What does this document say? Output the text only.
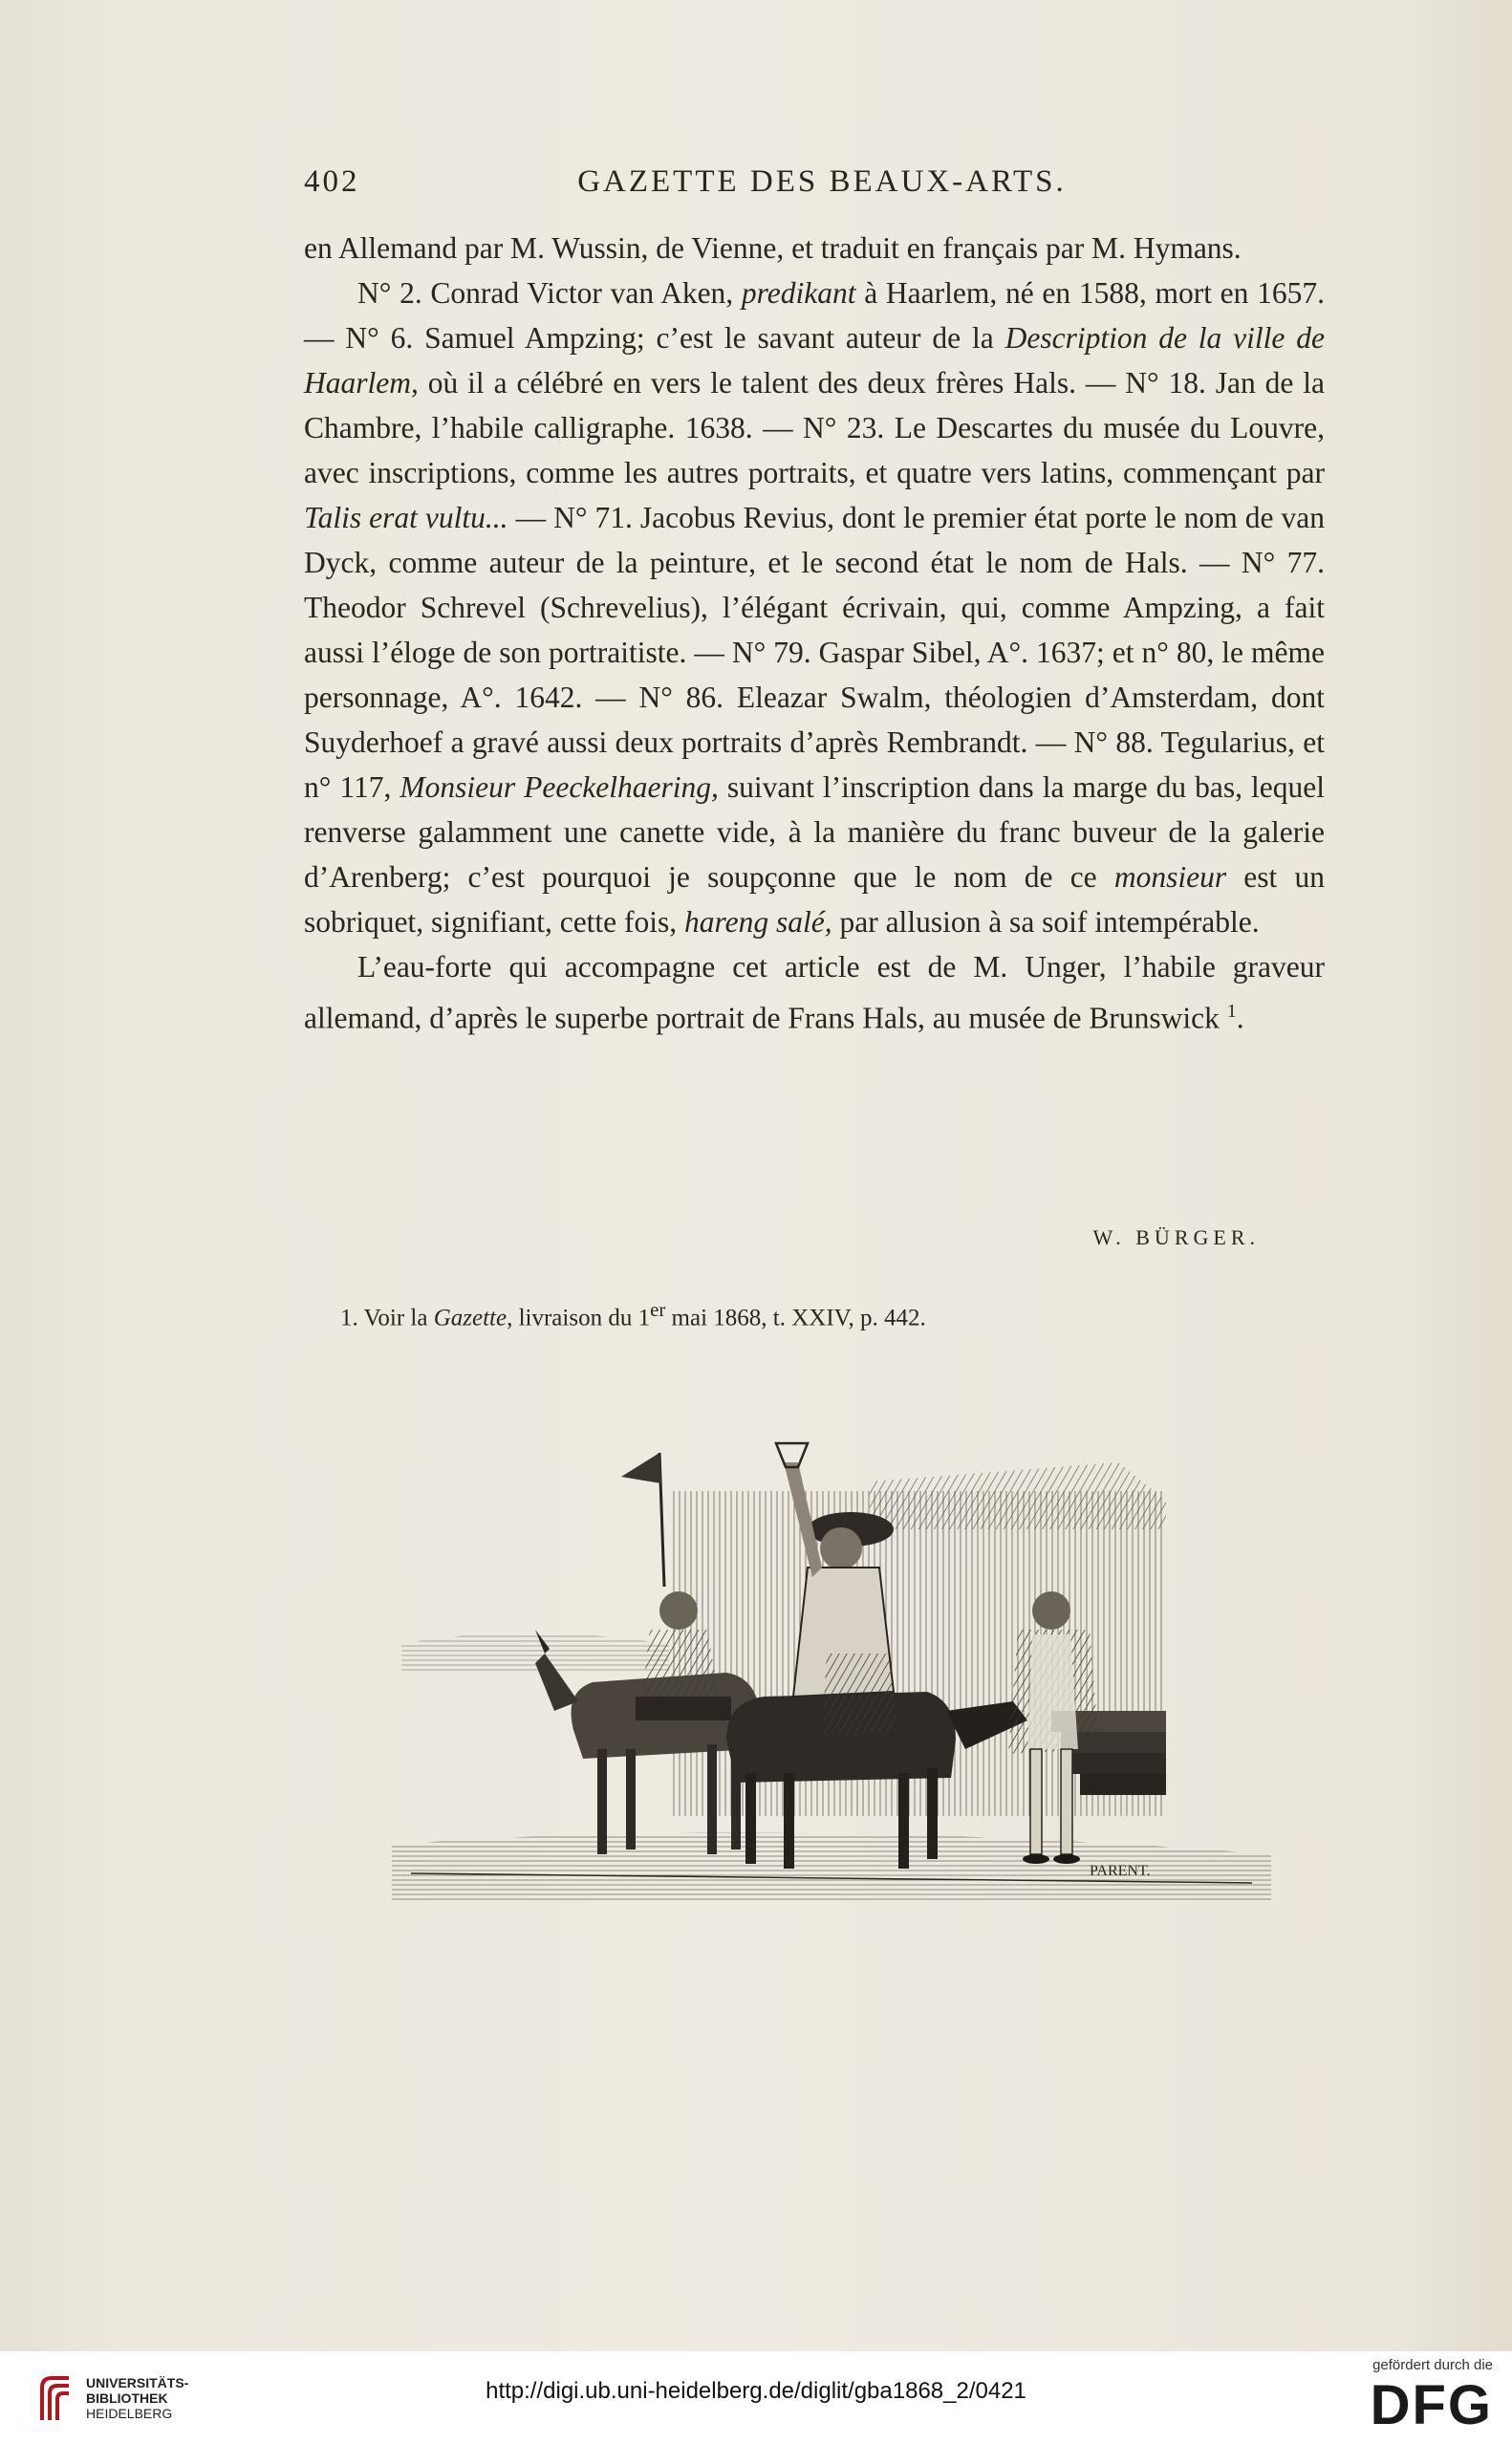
402	GAZETTE DES BEAUX-ARTS.

en Allemand par M. Wussin, de Vienne, et traduit en français par M. Hymans.

N° 2. Conrad Victor van Aken, predikant à Haarlem, né en 1588, mort en 1657. — N° 6. Samuel Ampzing; c’est le savant auteur de la Description de la ville de Haarlem, où il a célébré en vers le talent des deux frères Hals. — N° 18. Jan de la Chambre, l’habile calligraphe. 1638. — N° 23. Le Descartes du musée du Louvre, avec inscriptions, comme les autres portraits, et quatre vers latins, commençant par Talis erat vultu... — N° 71. Jacobus Revius, dont le premier état porte le nom de van Dyck, comme auteur de la peinture, et le second état le nom de Hals. — N° 77. Theodor Schrevel (Schrevelius), l’élégant écrivain, qui, comme Ampzing, a fait aussi l’éloge de son portraitiste. — N° 79. Gaspar Sibel, A°. 1637; et n° 80, le même personnage, A°. 1642. — N° 86. Eleazar Swalm, théologien d’Amsterdam, dont Suyderhoef a gravé aussi deux portraits d’après Rembrandt. — N° 88. Tegularius, et n° 117, Monsieur Peeckelhaering, suivant l’inscription dans la marge du bas, lequel renverse galamment une canette vide, à la manière du franc buveur de la galerie d’Arenberg; c’est pourquoi je soupçonne que le nom de ce monsieur est un sobriquet, signifiant, cette fois, hareng salé, par allusion à sa soif intempérable.

L’eau-forte qui accompagne cet article est de M. Unger, l’habile graveur allemand, d’après le superbe portrait de Frans Hals, au musée de Brunswick $^1$.

W. BÜRGER.
1. Voir la Gazette, livraison du 1er mai 1868, t. XXIV, p. 442.
PARENT.
UNIVERSITÄTS-
BIBLIOTHEK
HEIDELBERG
http://digi.ub.uni-heidelberg.de/diglit/gba1868_2/0421
gefördert durch die
DFG
